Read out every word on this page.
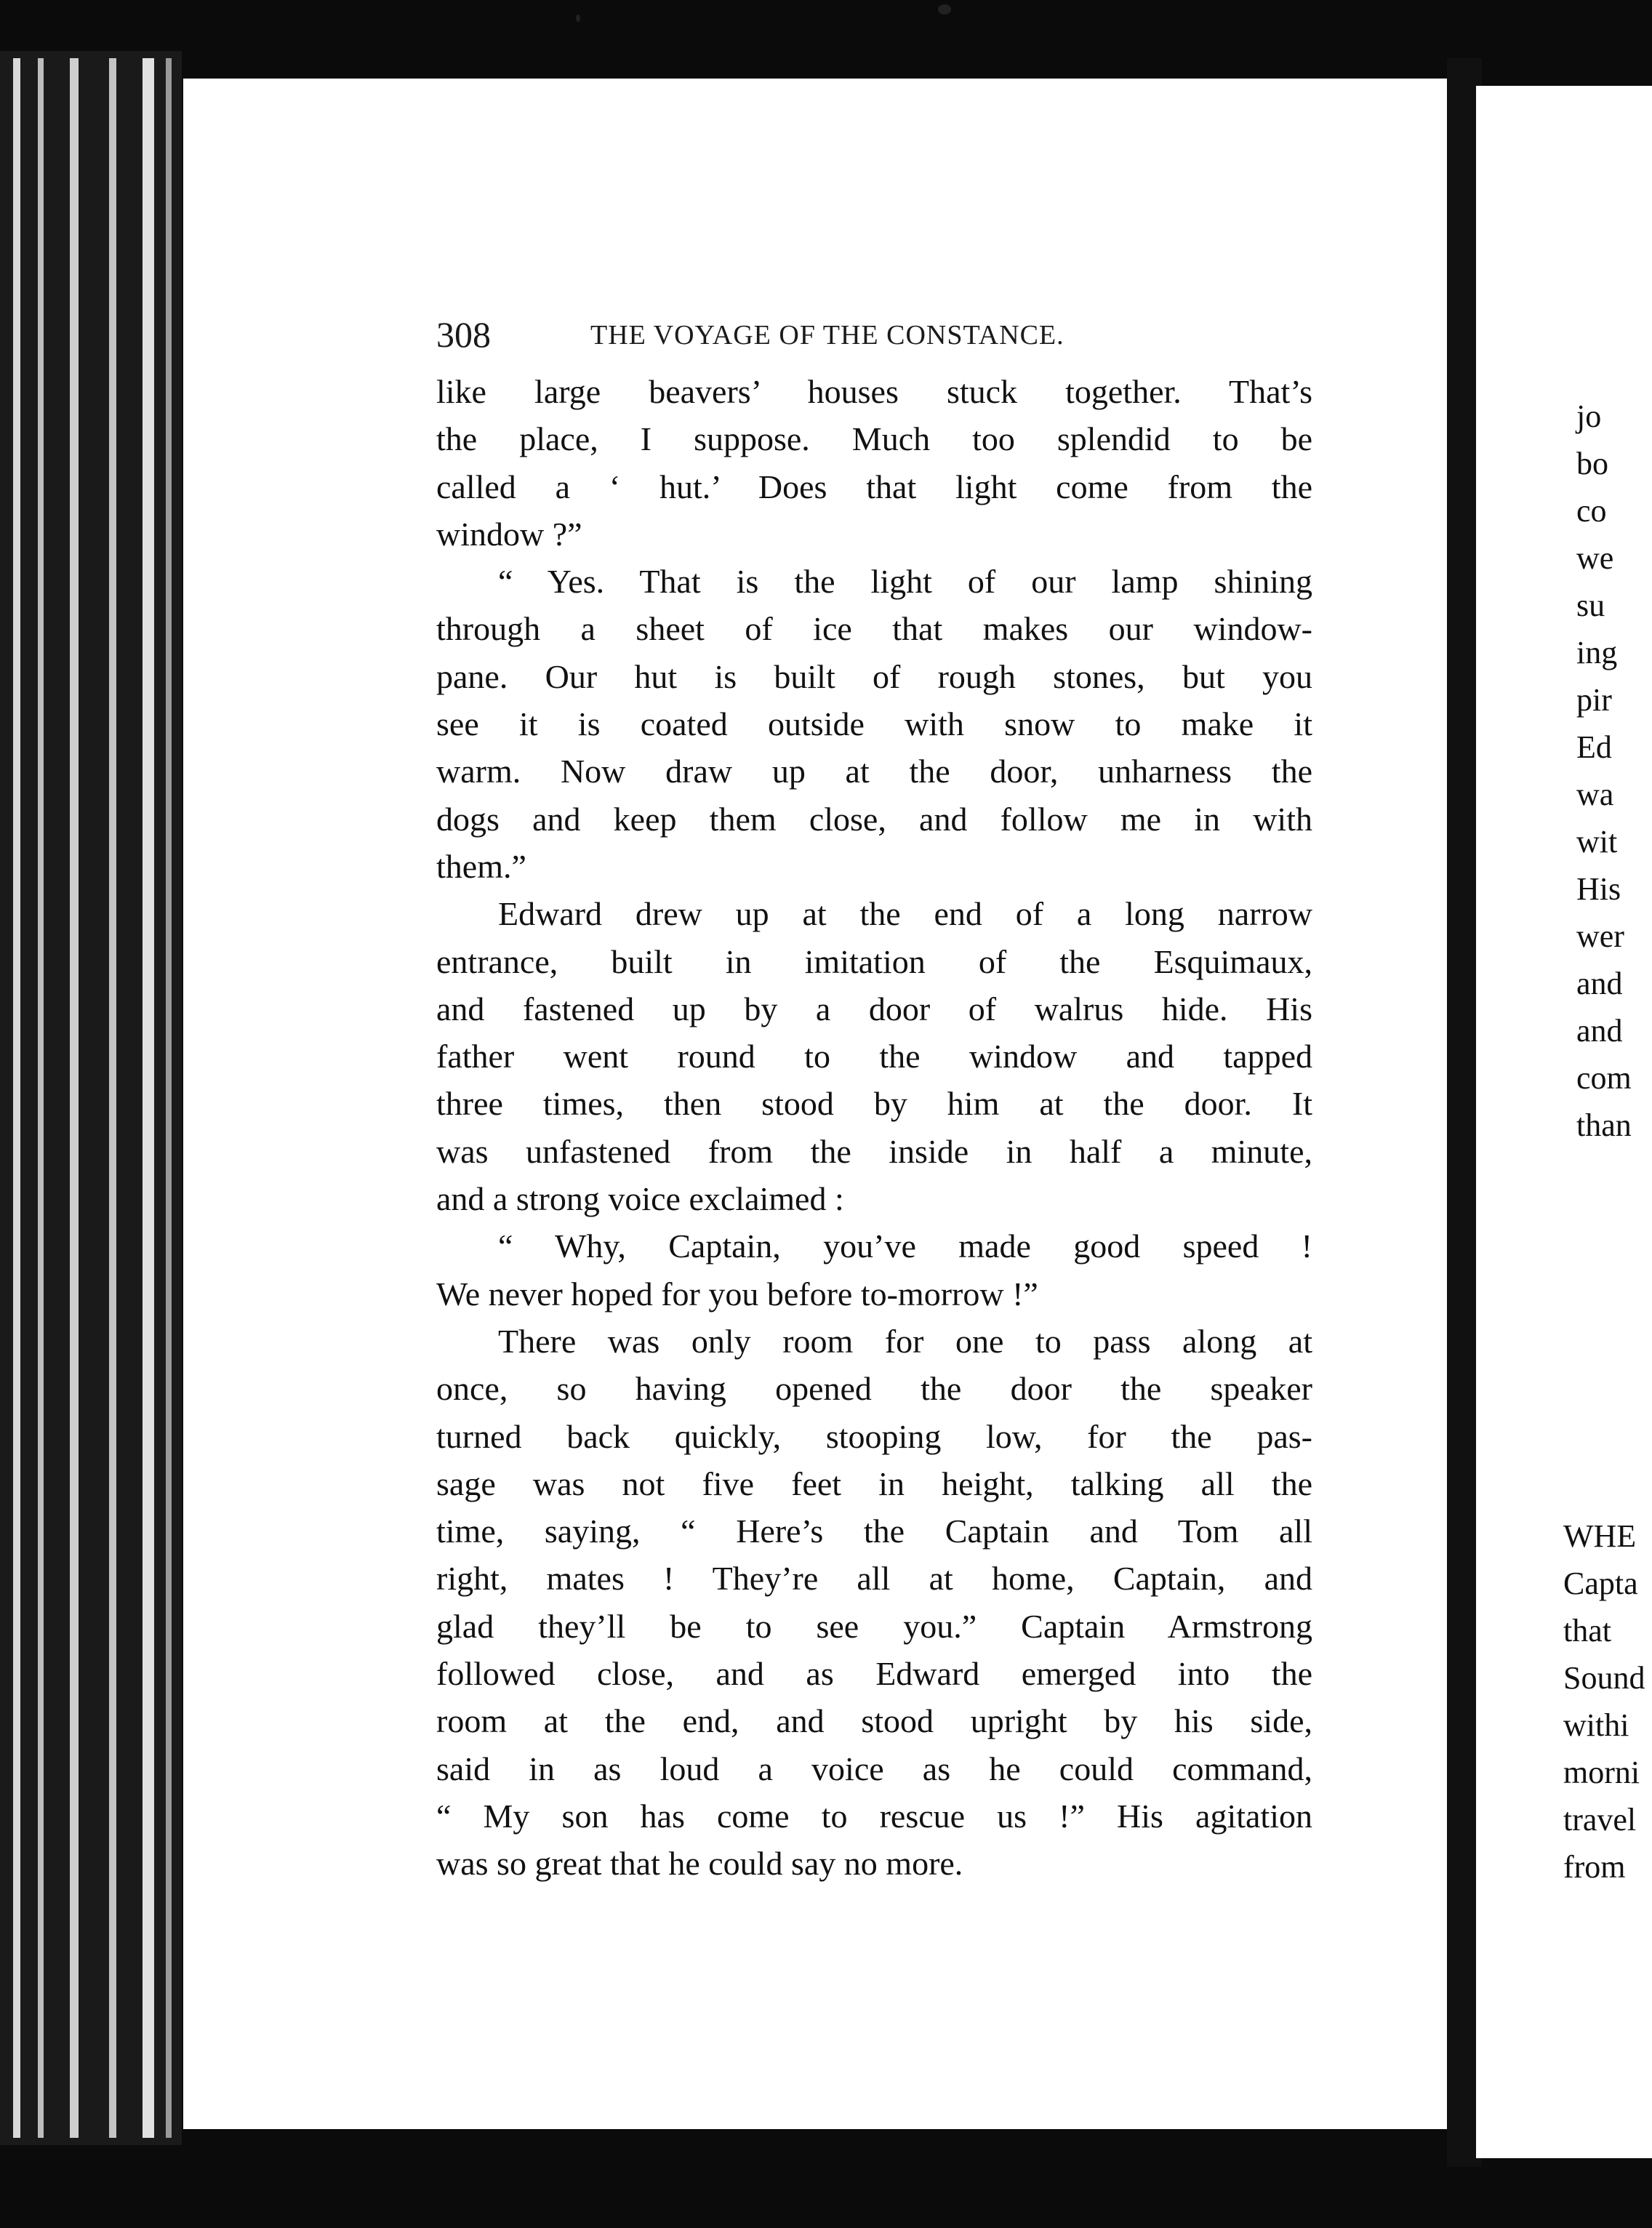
308	THE VOYAGE OF THE CONSTANCE.
like large beavers’ houses stuck together. That’s
the place, I suppose. Much too splendid to be
called a ‘ hut.’ Does that light come from the
window ?”
“ Yes. That is the light of our lamp shining
through a sheet of ice that makes our window-
pane. Our hut is built of rough stones, but you
see it is coated outside with snow to make it
warm. Now draw up at the door, unharness the
dogs and keep them close, and follow me in with
them.”
Edward drew up at the end of a long narrow
entrance, built in imitation of the Esquimaux,
and fastened up by a door of walrus hide. His
father went round to the window and tapped
three times, then stood by him at the door. It
was unfastened from the inside in half a minute,
and a strong voice exclaimed :
“ Why, Captain, you’ve made good speed !
We never hoped for you before to-morrow !”
There was only room for one to pass along at
once, so having opened the door the speaker
turned back quickly, stooping low, for the pas-
sage was not five feet in height, talking all the
time, saying, “ Here’s the Captain and Tom all
right, mates ! They’re all at home, Captain, and
glad they’ll be to see you.” Captain Armstrong
followed close, and as Edward emerged into the
room at the end, and stood upright by his side,
said in as loud a voice as he could command,
“ My son has come to rescue us !” His agitation
was so great that he could say no more.
jo
bo
co
we
su
ing
pir
Ed
wa
wit
His
wer
and
and
com
than
WHE
Capta
that
Sound
withi
morni
travel
from
